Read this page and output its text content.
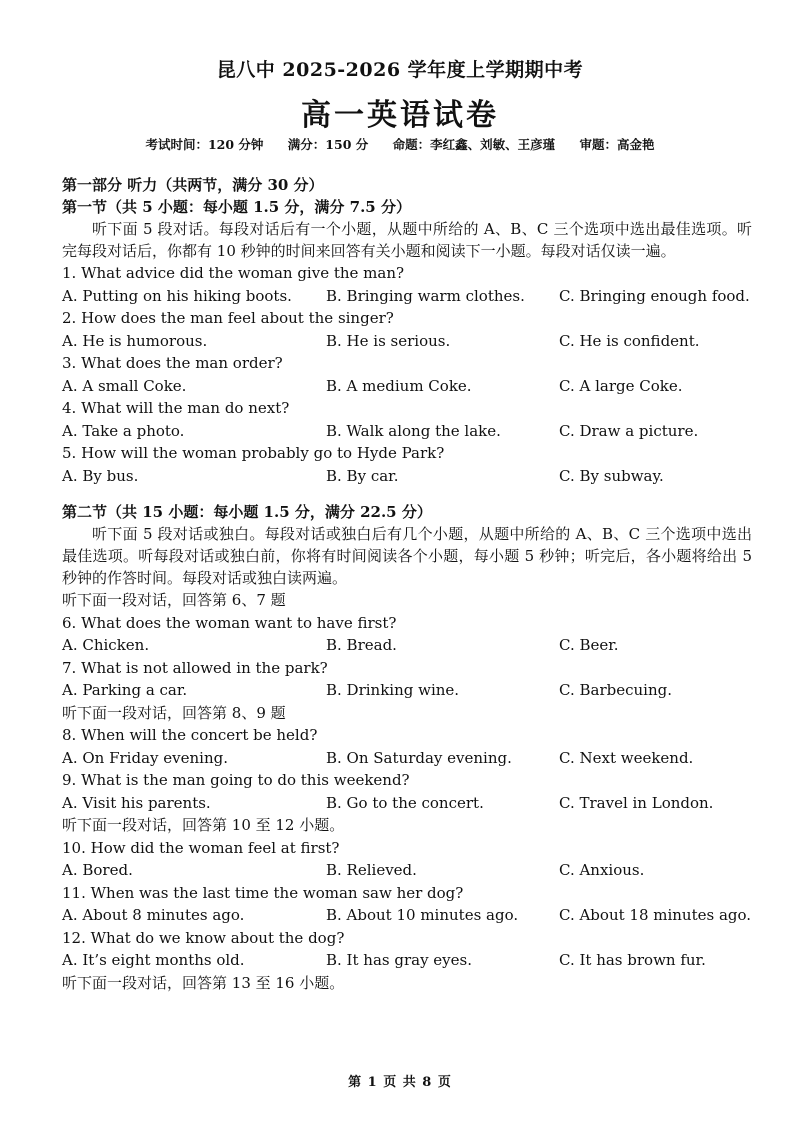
昆八中 2025-2026 学年度上学期期中考
高一英语试卷
考试时间：120 分钟 满分：150 分 命题：李红鑫、刘敏、王彦瑾 审题：高金艳
第一部分 听力（共两节，满分 30 分）
第一节（共 5 小题：每小题 1.5 分，满分 7.5 分）

听下面 5 段对话。每段对话后有一个小题，从题中所给的 A、B、C 三个选项中选出最佳选项。听完每段对话后，你都有 10 秒钟的时间来回答有关小题和阅读下一小题。每段对话仅读一遍。

1. What advice did the woman give the man?
A. Putting on his hiking boots. B. Bringing warm clothes. C. Bringing enough food.
2. How does the man feel about the singer?
A. He is humorous.	B. He is serious.	C. He is confident.
3. What does the man order?
A. A small Coke.	B. A medium Coke.	C. A large Coke.
4. What will the man do next?
A. Take a photo.	B. Walk along the lake.	C. Draw a picture.
5. How will the woman probably go to Hyde Park?
A. By bus.	B. By car.	C. By subway.
第二节（共 15 小题：每小题 1.5 分，满分 22.5 分）

听下面 5 段对话或独白。每段对话或独白后有几个小题，从题中所给的 A、B、C 三个选项中选出最佳选项。听每段对话或独白前，你将有时间阅读各个小题，每小题 5 秒钟；听完后，各小题将给出 5 秒钟的作答时间。每段对话或独白读两遍。

听下面一段对话，回答第 6、7 题
6. What does the woman want to have first?
A. Chicken.	B. Bread.	C. Beer.
7. What is not allowed in the park?
A. Parking a car.	B. Drinking wine.	C. Barbecuing.
听下面一段对话，回答第 8、9 题
8. When will the concert be held?
A. On Friday evening.	B. On Saturday evening.	C. Next weekend.
9. What is the man going to do this weekend?
A. Visit his parents.	B. Go to the concert.	C. Travel in London.
听下面一段对话，回答第 10 至 12 小题。
10. How did the woman feel at first?
A. Bored.	B. Relieved.	C. Anxious.
11. When was the last time the woman saw her dog?
A. About 8 minutes ago.	B. About 10 minutes ago.	C. About 18 minutes ago.
12. What do we know about the dog?
A. It’s eight months old.	B. It has gray eyes.	C. It has brown fur.
听下面一段对话，回答第 13 至 16 小题。
第 1 页 共 8 页
